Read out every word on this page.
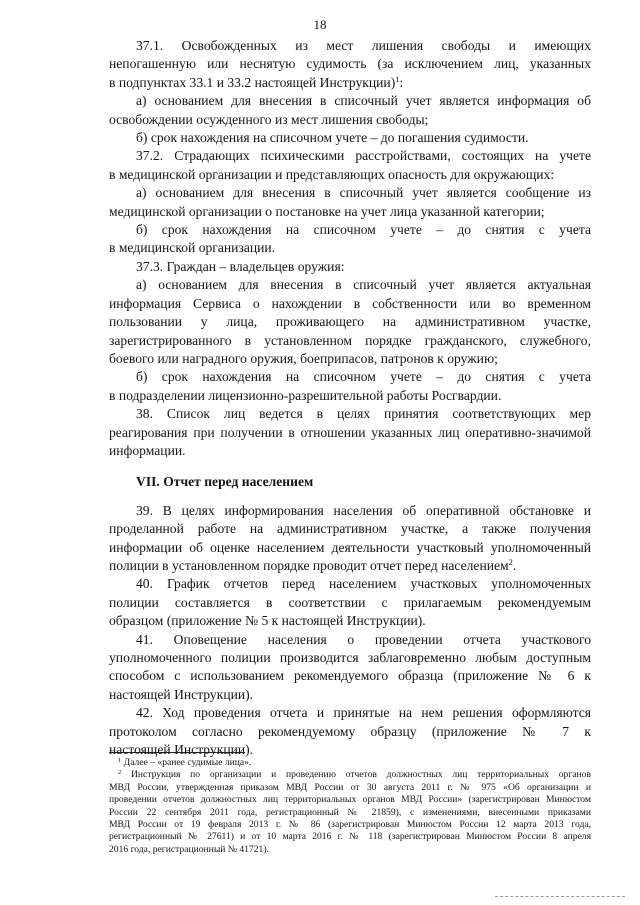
18
37.1. Освобожденных из мест лишения свободы и имеющих
непогашенную или неснятую судимость (за исключением лиц, указанных
в подпунктах 33.1 и 33.2 настоящей Инструкции)$^1$:
а) основанием для внесения в списочный учет является информация об
освобождении осужденного из мест лишения свободы;
б) срок нахождения на списочном учете – до погашения судимости.
37.2. Страдающих психическими расстройствами, состоящих на учете
в медицинской организации и представляющих опасность для окружающих:
а) основанием для внесения в списочный учет является сообщение из
медицинской организации о постановке на учет лица указанной категории;
б) срок нахождения на списочном учете – до снятия с учета
в медицинской организации.
37.3. Граждан – владельцев оружия:
а) основанием для внесения в списочный учет является актуальная
информация Сервиса о нахождении в собственности или во временном
пользовании у лица, проживающего на административном участке,
зарегистрированного в установленном порядке гражданского, служебного,
боевого или наградного оружия, боеприпасов, патронов к оружию;
б) срок нахождения на списочном учете – до снятия с учета
в подразделении лицензионно-разрешительной работы Росгвардии.
38. Список лиц ведется в целях принятия соответствующих мер
реагирования при получении в отношении указанных лиц оперативно-значимой
информации.
VII. Отчет перед населением
39. В целях информирования населения об оперативной обстановке и
проделанной работе на административном участке, а также получения
информации об оценке населением деятельности участковый уполномоченный
полиции в установленном порядке проводит отчет перед населением$^2$.
40. График отчетов перед населением участковых уполномоченных
полиции составляется в соответствии с прилагаемым рекомендуемым
образцом (приложение № 5 к настоящей Инструкции).
41. Оповещение населения о проведении отчета участкового
уполномоченного полиции производится заблаговременно любым доступным
способом с использованием рекомендуемого образца (приложение № 6 к
настоящей Инструкции).
42. Ход проведения отчета и принятые на нем решения оформляются
протоколом согласно рекомендуемому образцу (приложение № 7 к
настоящей Инструкции).
$^1$ Далее – «ранее судимые лица».
$^2$ Инструкция по организации и проведению отчетов должностных лиц территориальных органов
МВД России, утвержденная приказом МВД России от 30 августа 2011 г. № 975 «Об организации и
проведении отчетов должностных лиц территориальных органов МВД России» (зарегистрирован Минюстом
России 22 сентября 2011 года, регистрационный № 21859), с изменениями, внесенными приказами
МВД России от 19 февраля 2013 г. № 86 (зарегистрирован Минюстом России 12 марта 2013 года,
регистрационный № 27611) и от 10 марта 2016 г. № 118 (зарегистрирован Минюстом России 8 апреля
2016 года, регистрационный № 41721).
